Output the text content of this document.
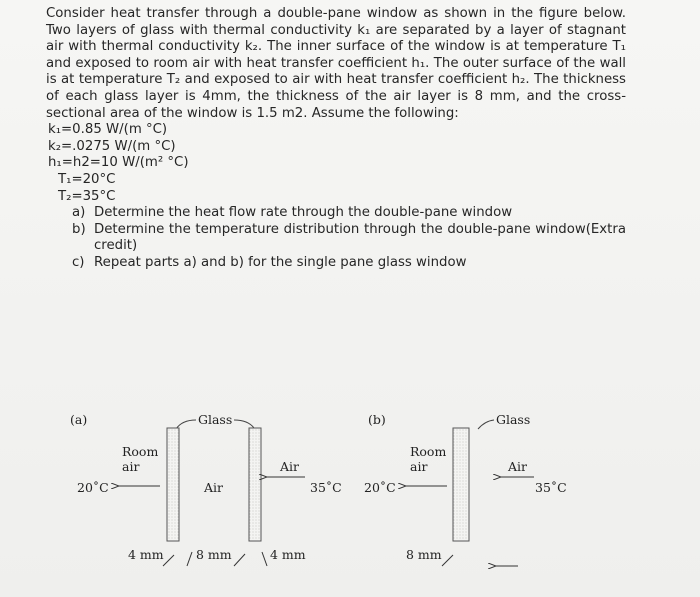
Consider heat transfer through a double-pane window as shown in the figure below. Two layers of glass with thermal conductivity k₁ are separated by a layer of stagnant air with thermal conductivity k₂. The inner surface of the window is at temperature T₁ and exposed to room air with heat transfer coefficient h₁. The outer surface of the wall is at temperature T₂ and exposed to air with heat transfer coefficient h₂. The thickness of each glass layer is 4mm, the thickness of the air layer is 8 mm, and the cross-sectional area of the window is 1.5 m2. Assume the following:

k₁=0.85 W/(m °C)
k₂=.0275 W/(m °C)
h₁=h2=10 W/(m² °C)
T₁=20°C
T₂=35°C
a) Determine the heat flow rate through the double-pane window
b) Determine the temperature distribution through the double-pane window(Extra credit)
c) Repeat parts a) and b) for the single pane glass window
(a)	Glass
Room
air
20˚C	Air
Air
35˚C
4 mm	8 mm	4 mm
(b)	Glass
Room
air
20˚C
Air
35˚C
8 mm
